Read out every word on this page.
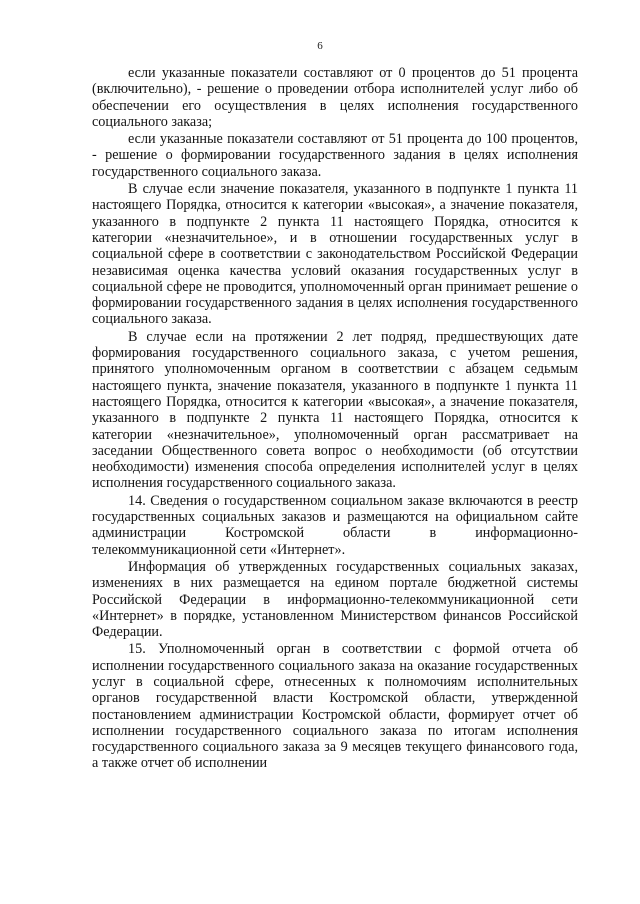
6

если указанные показатели составляют от 0 процентов до 51 процента (включительно), - решение о проведении отбора исполнителей услуг либо об обеспечении его осуществления в целях исполнения государственного социального заказа;

если указанные показатели составляют от 51 процента до 100 процентов, - решение о формировании государственного задания в целях исполнения государственного социального заказа.

В случае если значение показателя, указанного в подпункте 1 пункта 11 настоящего Порядка, относится к категории «высокая», а значение показателя, указанного в подпункте 2 пункта 11 настоящего Порядка, относится к категории «незначительное», и в отношении государственных услуг в социальной сфере в соответствии с законодательством Российской Федерации независимая оценка качества условий оказания государственных услуг в социальной сфере не проводится, уполномоченный орган принимает решение о формировании государственного задания в целях исполнения государственного социального заказа.

В случае если на протяжении 2 лет подряд, предшествующих дате формирования государственного социального заказа, с учетом решения, принятого уполномоченным органом в соответствии с абзацем седьмым настоящего пункта, значение показателя, указанного в подпункте 1 пункта 11 настоящего Порядка, относится к категории «высокая», а значение показателя, указанного в подпункте 2 пункта 11 настоящего Порядка, относится к категории «незначительное», уполномоченный орган рассматривает на заседании Общественного совета вопрос о необходимости (об отсутствии необходимости) изменения способа определения исполнителей услуг в целях исполнения государственного социального заказа.

14. Сведения о государственном социальном заказе включаются в реестр государственных социальных заказов и размещаются на официальном сайте администрации Костромской области в информационно-телекоммуникационной сети «Интернет».

Информация об утвержденных государственных социальных заказах, изменениях в них размещается на едином портале бюджетной системы Российской Федерации в информационно-телекоммуникационной сети «Интернет» в порядке, установленном Министерством финансов Российской Федерации.

15. Уполномоченный орган в соответствии с формой отчета об исполнении государственного социального заказа на оказание государственных услуг в социальной сфере, отнесенных к полномочиям исполнительных органов государственной власти Костромской области, утвержденной постановлением администрации Костромской области, формирует отчет об исполнении государственного социального заказа по итогам исполнения государственного социального заказа за 9 месяцев текущего финансового года, а также отчет об исполнении
